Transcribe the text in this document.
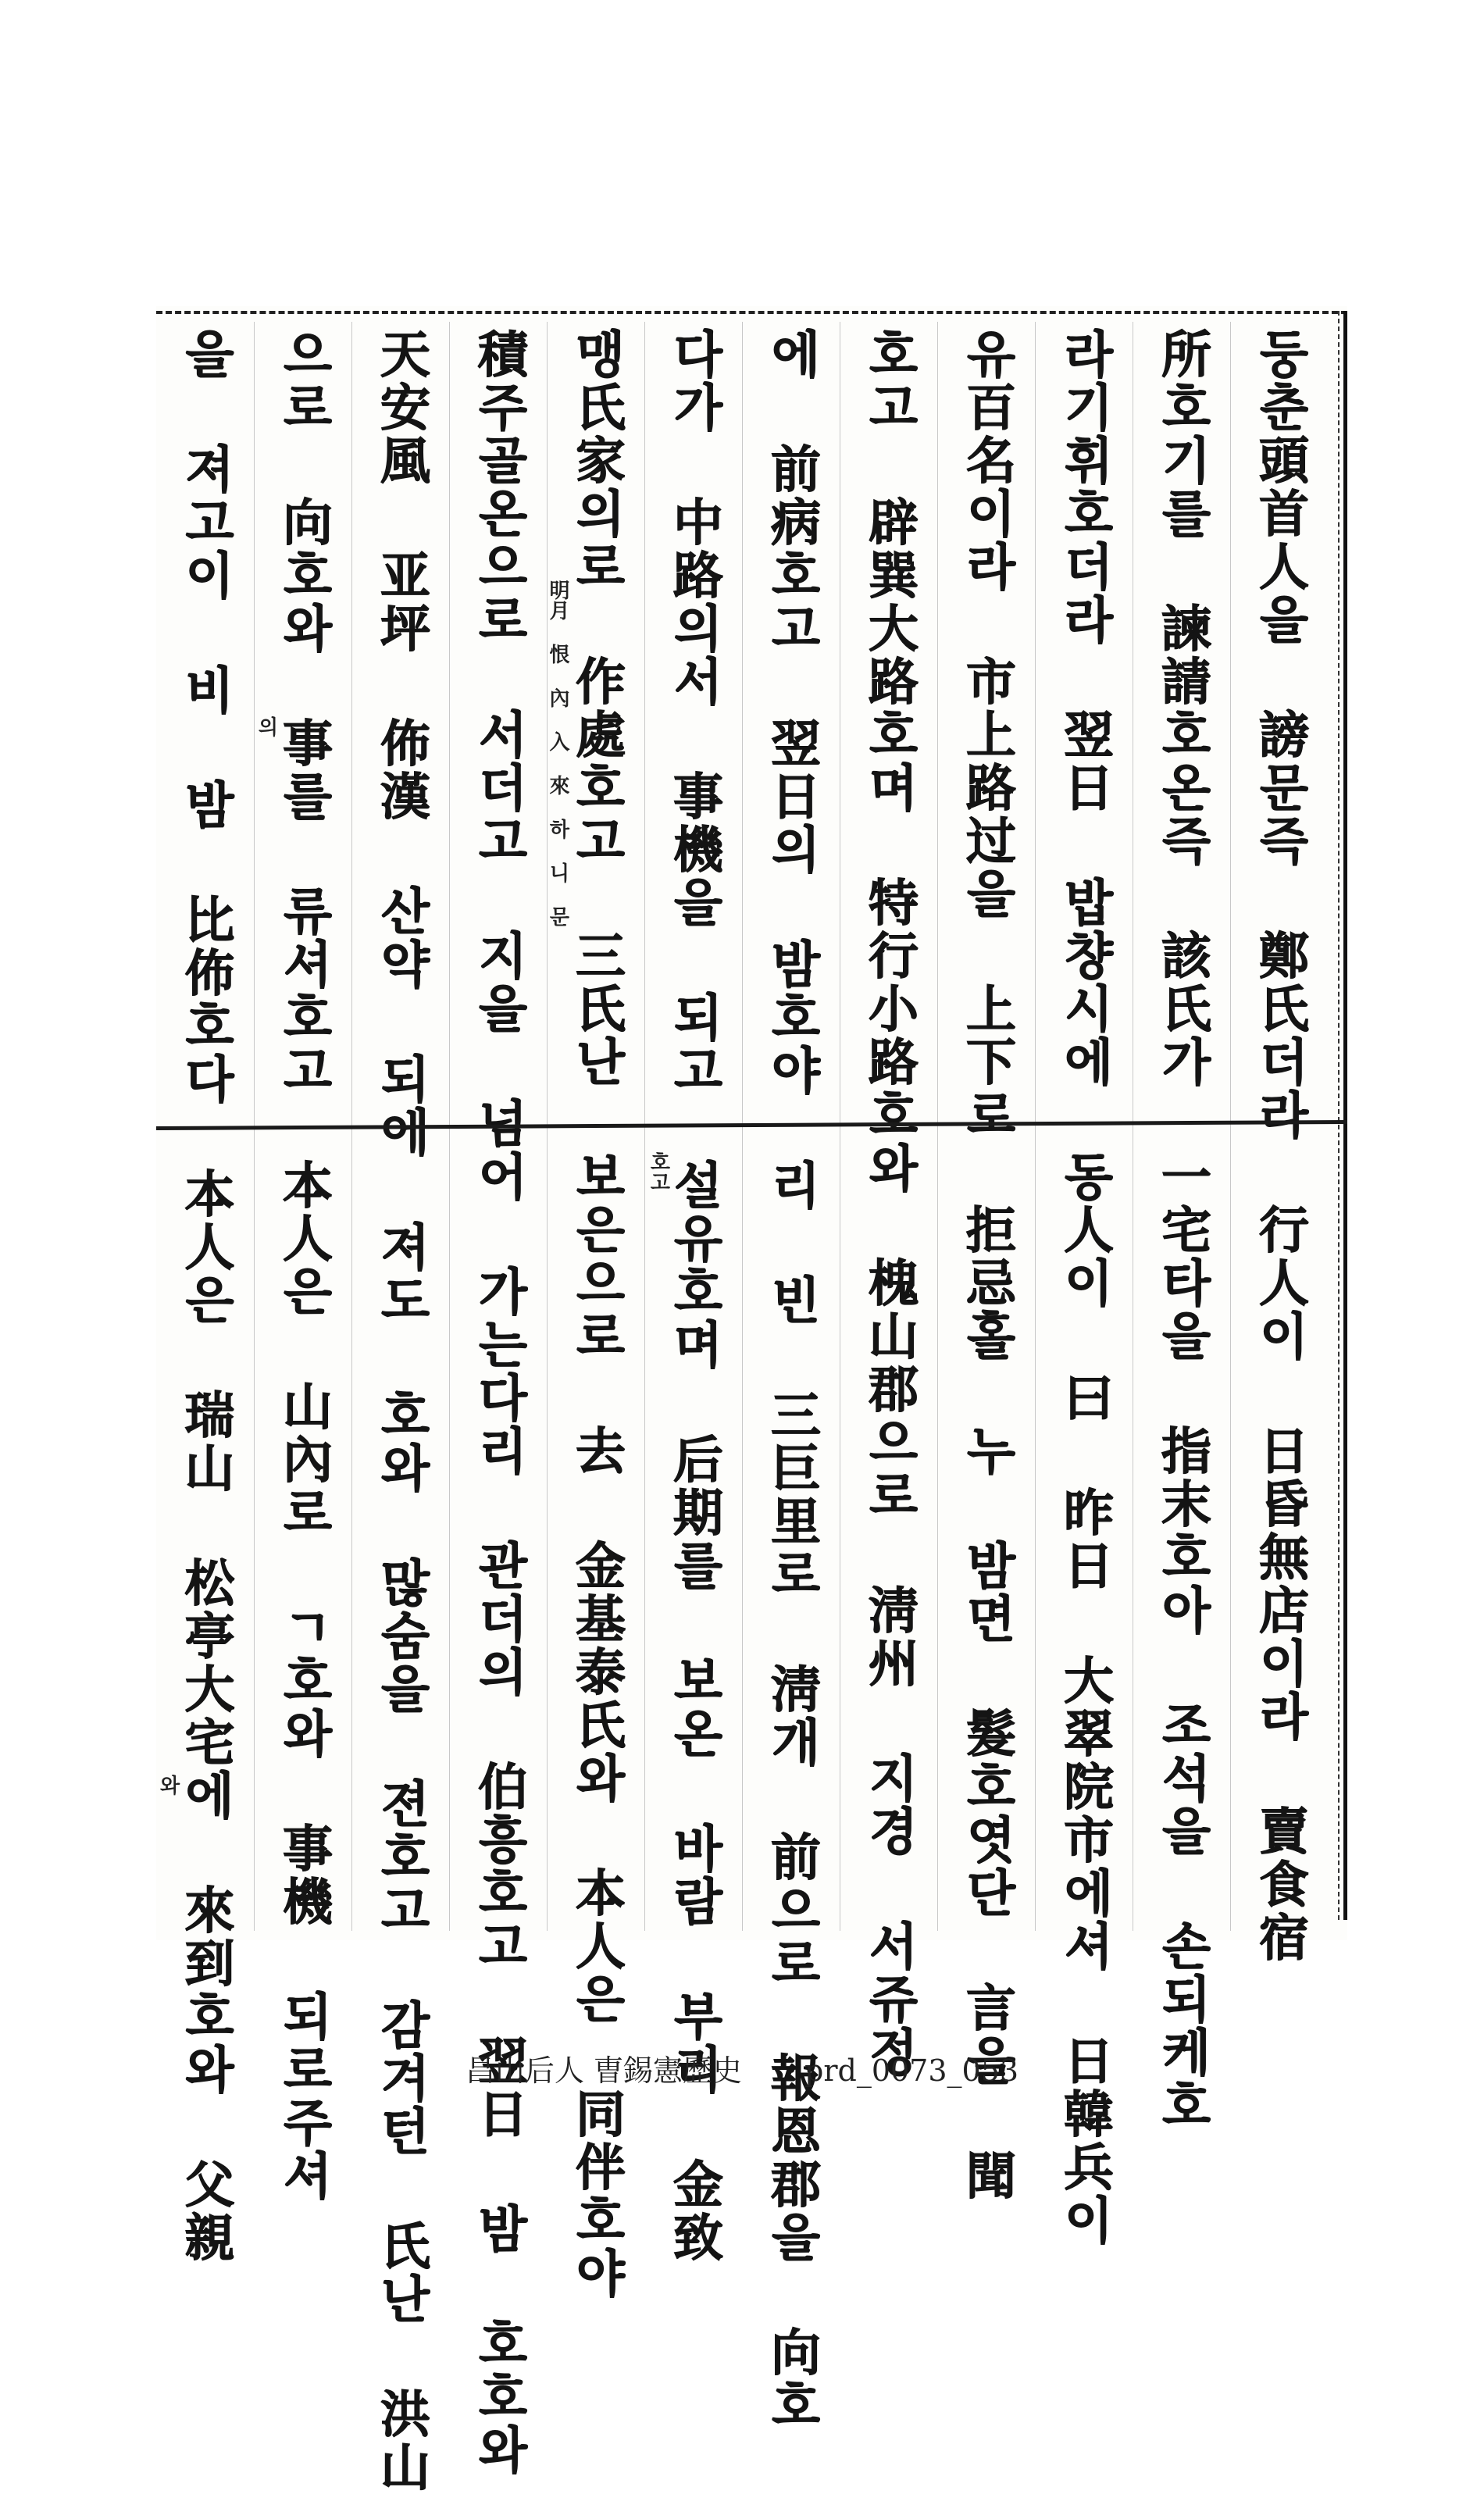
둥춘頭首人을 謗문즉 鄭氏더라 行人이 日昏無店이라 賣食宿
所호기를 諫請호온즉 該氏가 一宅타을 指末호아 조석을 손되케호
라기휘호더라 翌日 밥챵시에 동人이 曰 昨日 大翠院市에셔 日韓兵이
유百名이라 市上路过을 上下로 拒忌홀 누 밤면 髮호엿단 言을 聞
호고 辟巽大路호며 特行小路호와 槐山郡으로 淸州 지경 서쥬정
에 前病호고 翌日의 밤호야 리 빈 三巨里로 淸개 前으로 報恩郡을 向호
다가 中路의서 事機을 되고 설유호며 后期를 보온 바람 부리 金致
호고
맹氏家의로 作處호고 三氏난 보은으로 去 金基泰氏와 本人은 同伴호야
明月 恨 內 入 來 하 니 문
積주골온으로 서더고 지을 넘어 가는다리 관더의 伯흥호고 翌日 밤 호호와
天安風 亚坪 佈漢 산약 되에 져도 호와 많숨을 젼호고 감겨턴 氏난 洪山
으로 向호와 事를 류셔호고 本人은 山內로 ㄱ호와 事機 되로주셔
의
을 져고이 비 밤 比佈호다 本人은 瑞山 松亭大宅에 來到호와 父親
와
昌山后人 曺錫憲歷史 prd_0073_053
